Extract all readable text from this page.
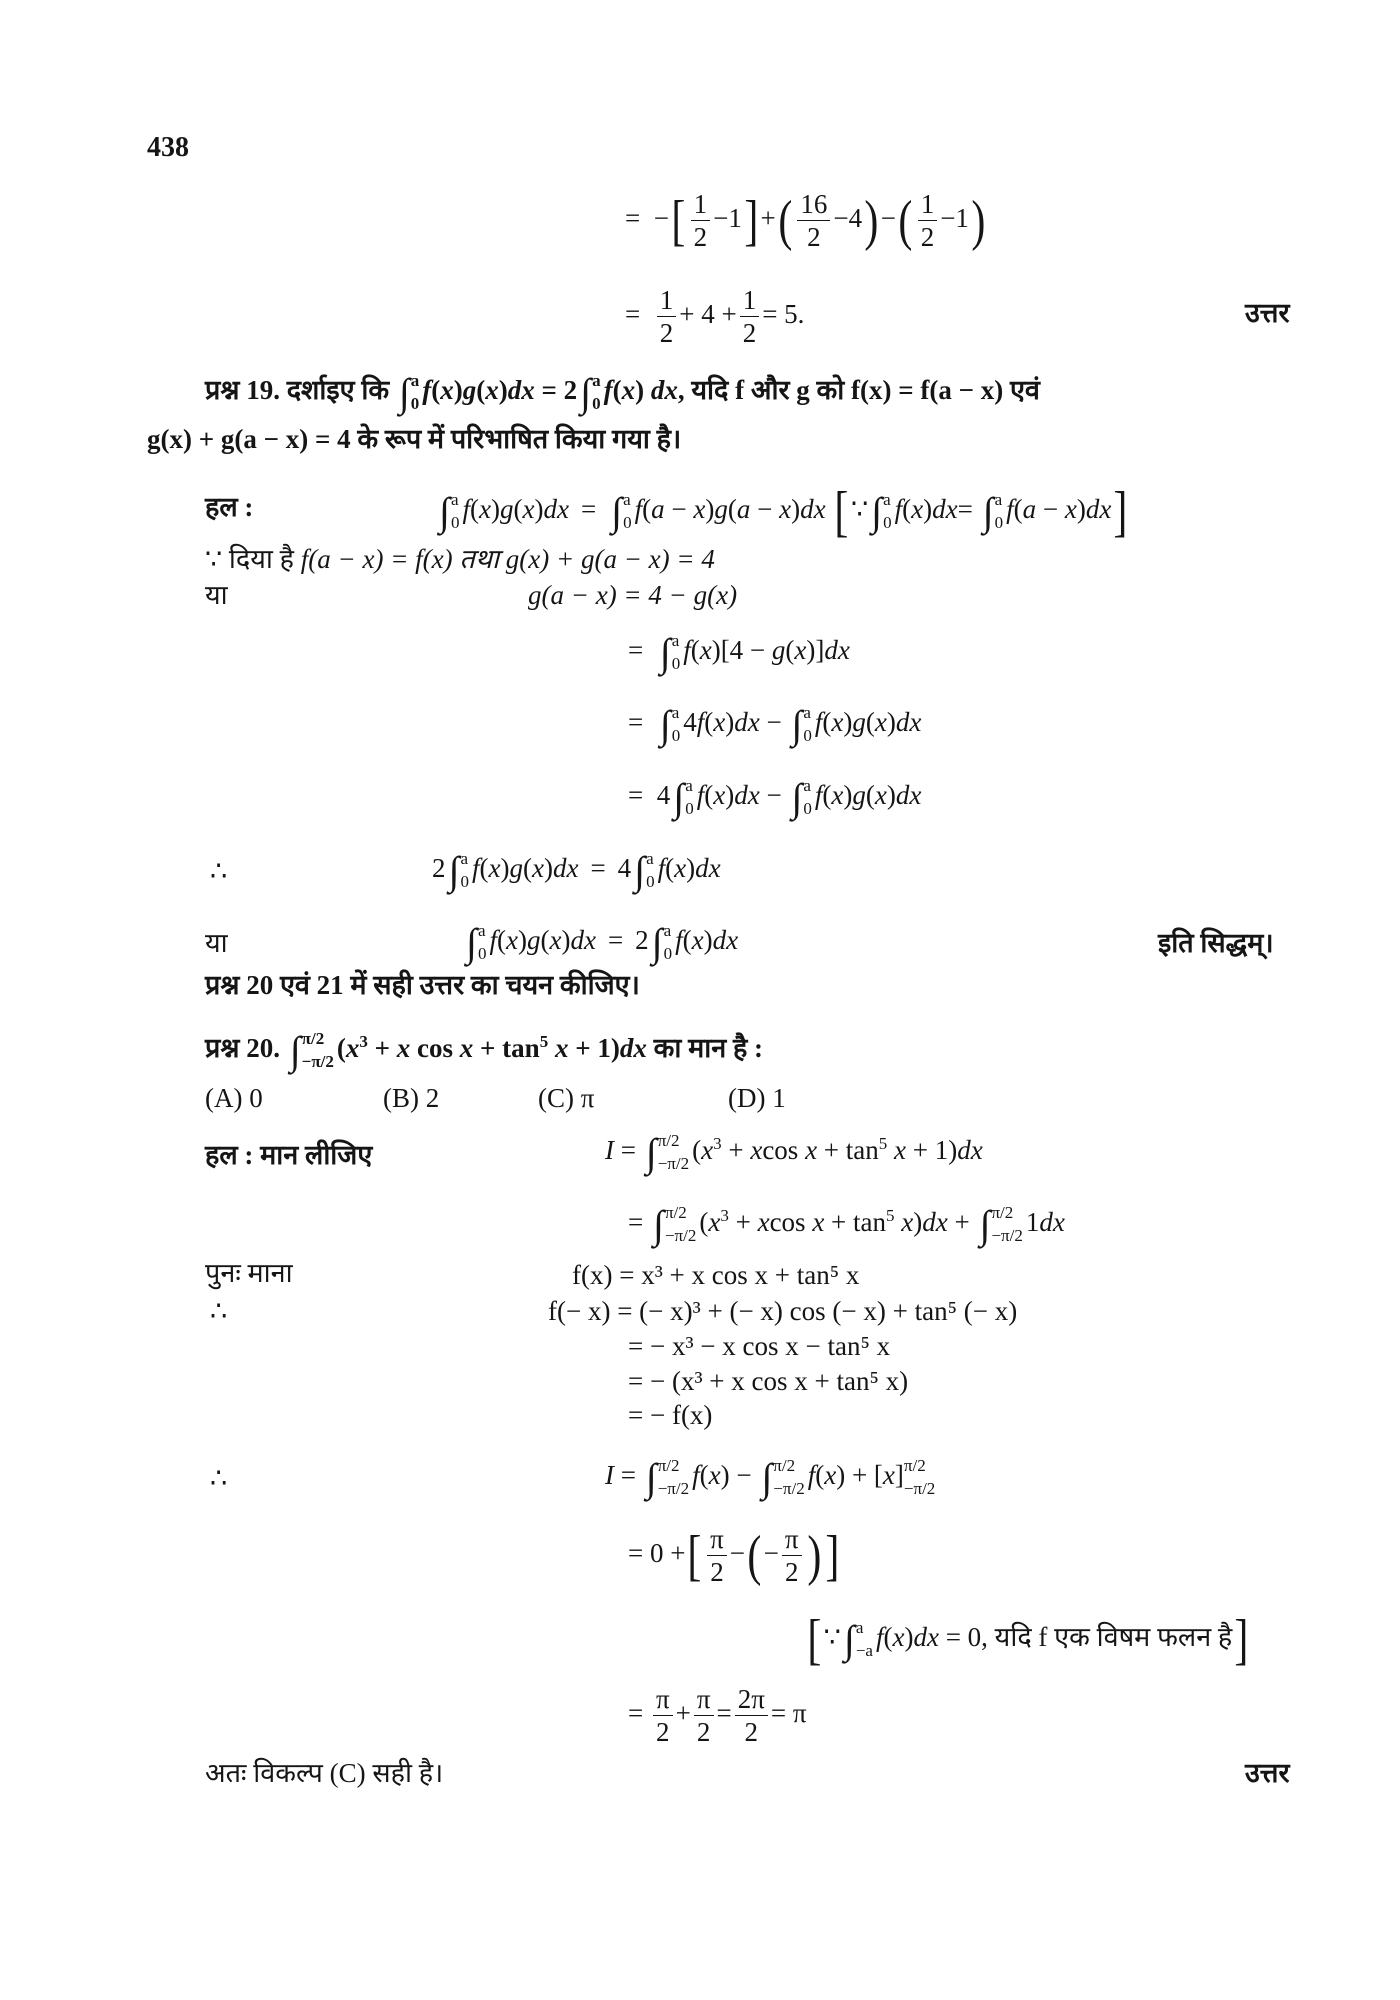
438
=  −[ $\frac{1}{2} -1]+( \frac{16}{2} -4)-( \frac{1}{2} -1)$
= $\frac{1}{2} + 4 + \frac{1}{2} = 5$.	उत्तर
प्रश्न 19. दर्शाइए कि ∫ a
0 f(x)g(x)dx = 2∫ a
0 f(x) dx, यदि f और g को f(x) = f(a − x) एवं
g(x) + g(a − x) = 4 के रूप में परिभाषित किया गया है।
हल :	∫ a
0 f(x)g(x)dx = ∫ a
0 f(a − x)g(a − x)dx [∵∫ a
0 f(x)dx= ∫ a
0 f(a − x)dx]
∵ दिया है f(a − x) = f(x) तथा g(x) + g(a − x) = 4
या	g(a − x) = 4 − g(x)
=  ∫ a
0 f(x)[4 − g(x)]dx
=  ∫ a
0 4f(x)dx − ∫ a
0 f(x)g(x)dx
=  4∫ a
0 f(x)dx − ∫ a
0 f(x)g(x)dx
∴	2∫ a
0 f(x)g(x)dx = 4∫ a
0 f(x)dx
या	∫ a
0 f(x)g(x)dx = 2∫ a
0 f(x)dx	इति सिद्धम्।
प्रश्न 20 एवं 21 में सही उत्तर का चयन कीजिए।
प्रश्न 20. ∫ π/2
−π/2 ($x^3 + x$ $\cos x + \tan^5 x + 1)dx$ का मान है :
(A) 0	(B) 2	(C) π	(D) 1
हल : मान लीजिए	I = ∫ π/2
−π/2 ($x^3 + xcos$ $x + \tan^5 x + 1)dx$
= ∫ π/2
−π/2 ($x^3 + xcos$ $x + \tan^5 x)dx$ + ∫ π/2
−π/2 1dx
पुनः माना	f(x) = x³ + x cos x + tan⁵ x
∴	f(− x) = (− x)³ + (− x) cos (− x) + tan⁵ (− x)
= − x³ − x cos x − tan⁵ x
= − (x³ + x cos x + tan⁵ x)
= − f(x)
∴	I = ∫ π/2
−π/2 f(x) − ∫ π/2
−π/2 f(x) + [x] π/2
−π/2
= 0 +[ $\frac{\pi}{2}$ −(− $\frac{\pi}{2}$ )]
[∵∫ a
−a f(x)dx = 0, यदि f एक विषम फलन है]
= $\frac{\pi}{2} + \frac{\pi}{2} = \frac{2\pi}{2} = \pi$
अतः विकल्प (C) सही है।	उत्तर
